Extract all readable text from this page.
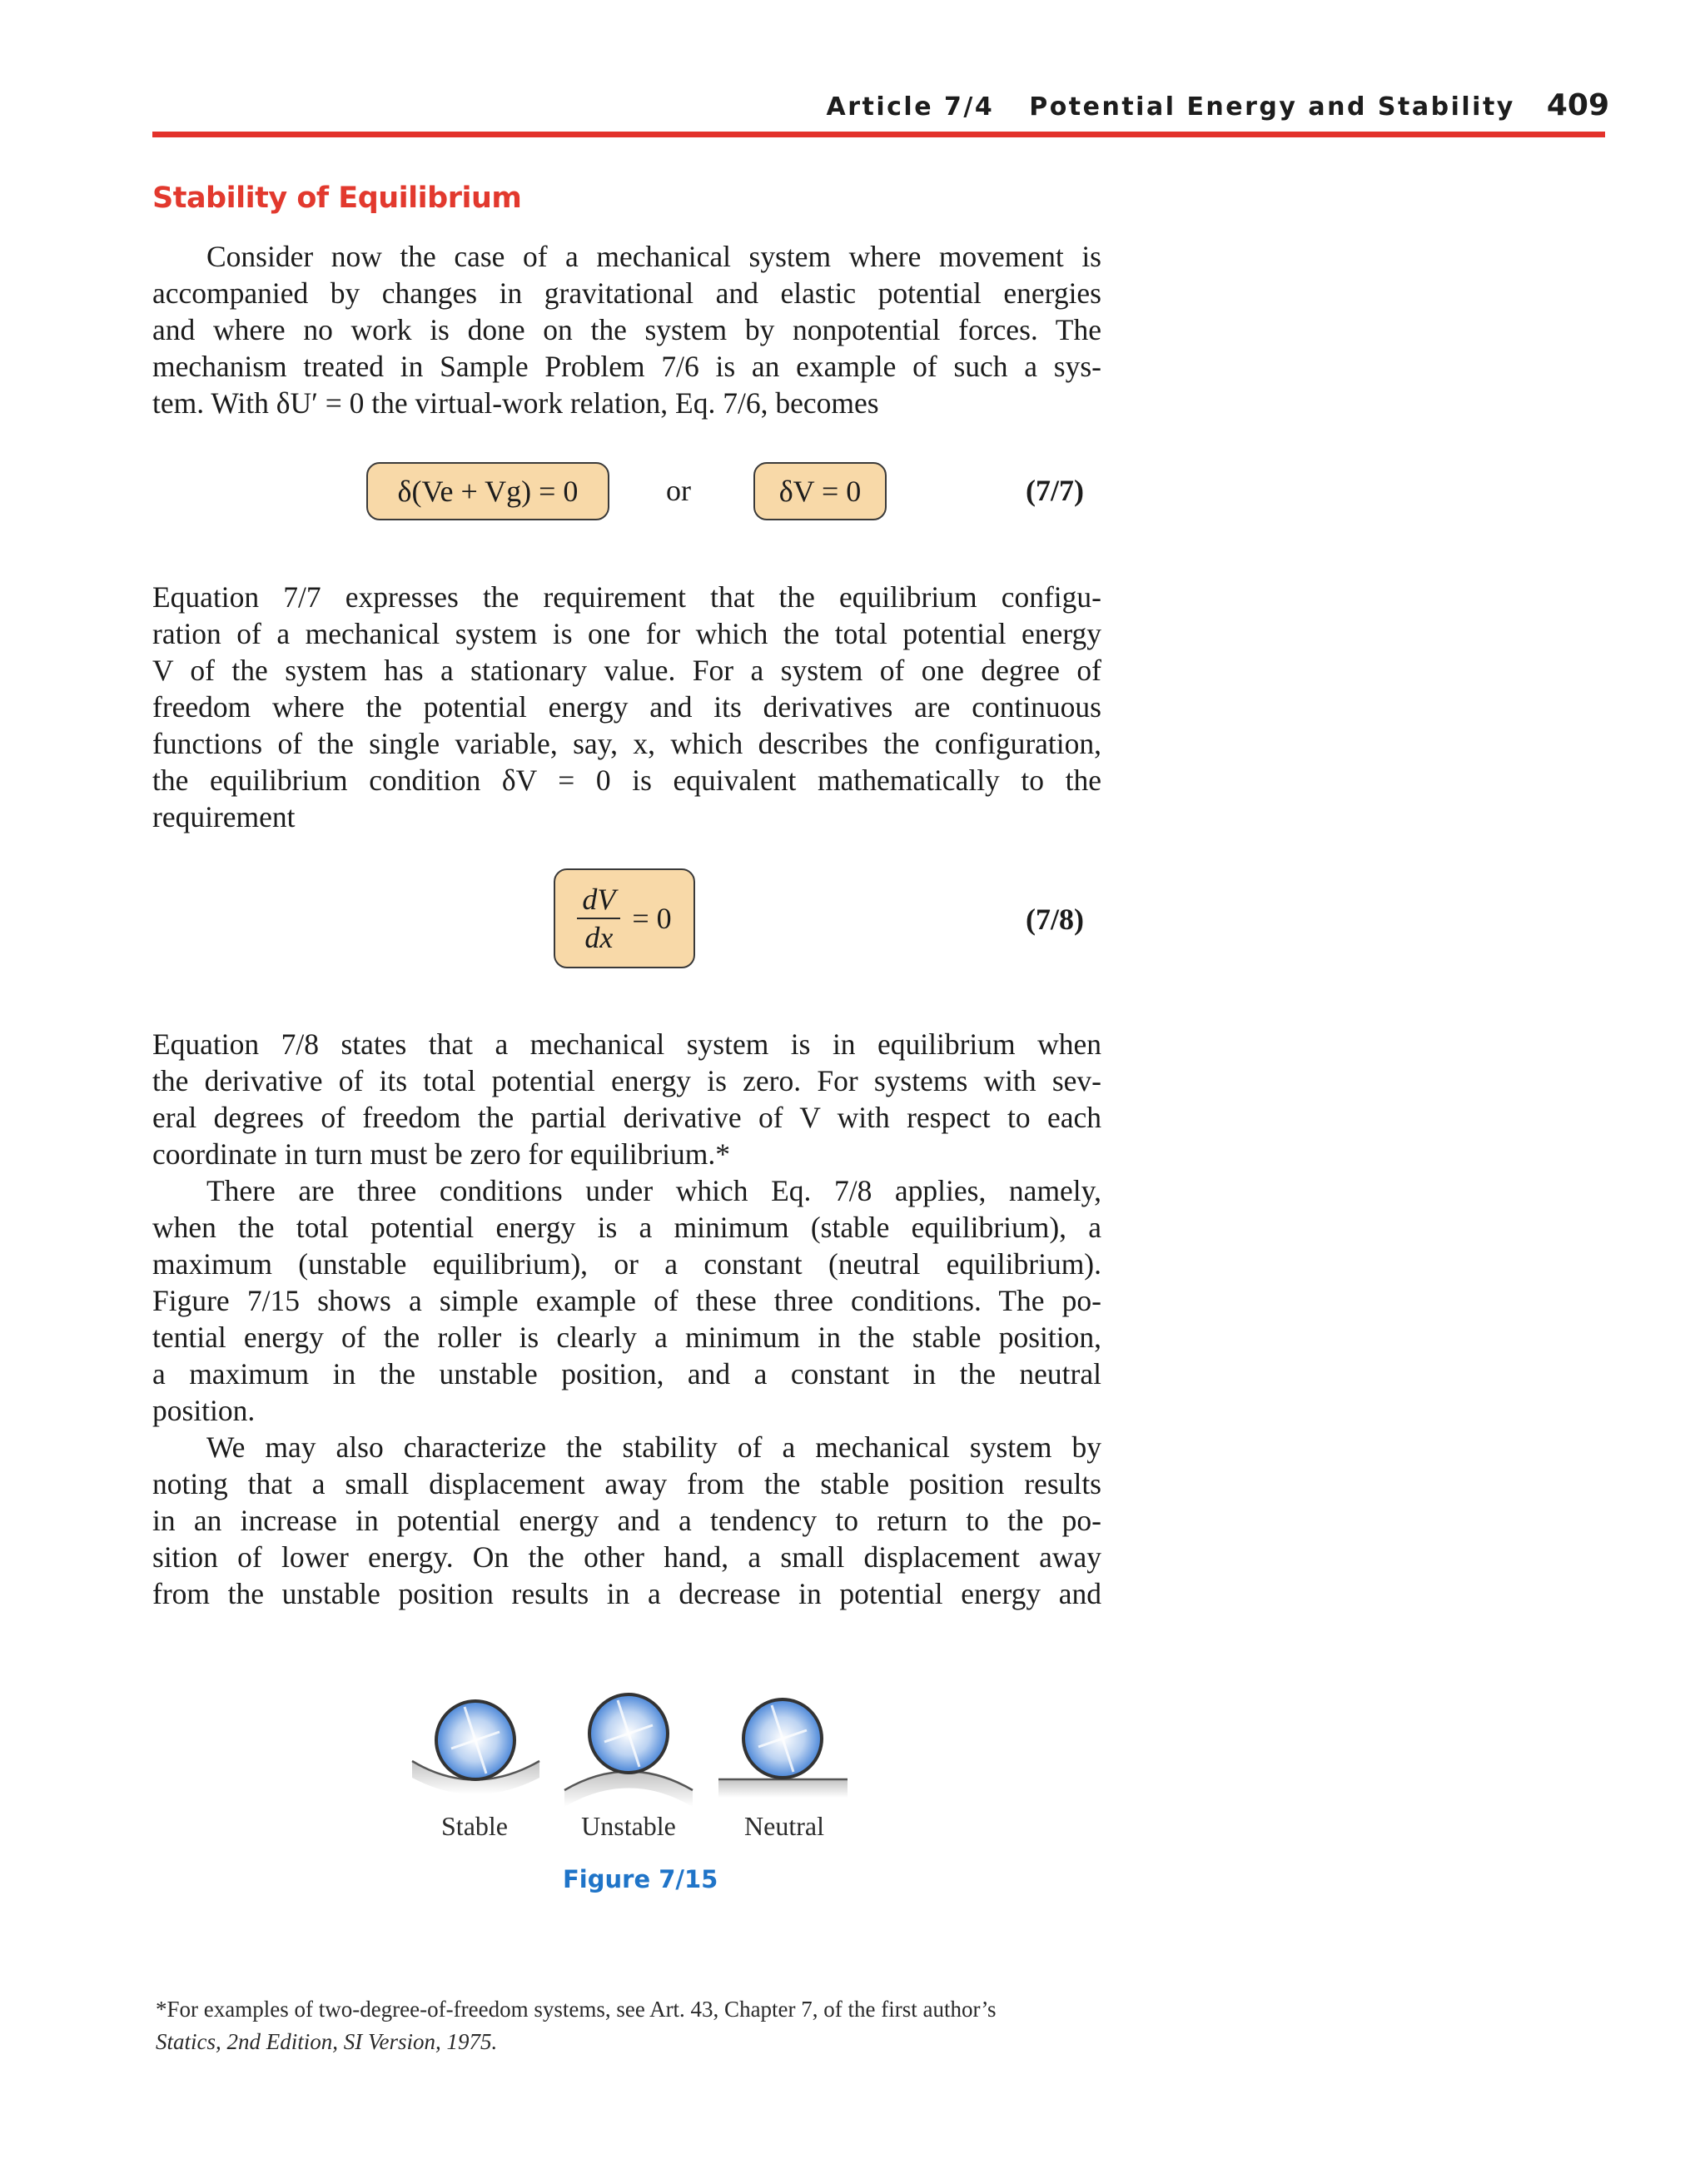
Article 7/4 Potential Energy and Stability 409
Stability of Equilibrium
Consider now the case of a mechanical system where movement is
accompanied by changes in gravitational and elastic potential energies
and where no work is done on the system by nonpotential forces. The
mechanism treated in Sample Problem 7/6 is an example of such a sys-
tem. With δU′ = 0 the virtual-work relation, Eq. 7/6, becomes
δ(Ve + Vg) = 0	or	δV = 0	(7/7)
Equation 7/7 expresses the requirement that the equilibrium configu-
ration of a mechanical system is one for which the total potential energy
V of the system has a stationary value. For a system of one degree of
freedom where the potential energy and its derivatives are continuous
functions of the single variable, say, x, which describes the configuration,
the equilibrium condition δV = 0 is equivalent mathematically to the
requirement
$\frac{dV}{dx} = 0$	(7/8)
Equation 7/8 states that a mechanical system is in equilibrium when
the derivative of its total potential energy is zero. For systems with sev-
eral degrees of freedom the partial derivative of V with respect to each
coordinate in turn must be zero for equilibrium.*
There are three conditions under which Eq. 7/8 applies, namely,
when the total potential energy is a minimum (stable equilibrium), a
maximum (unstable equilibrium), or a constant (neutral equilibrium).
Figure 7/15 shows a simple example of these three conditions. The po-
tential energy of the roller is clearly a minimum in the stable position,
a maximum in the unstable position, and a constant in the neutral
position.
We may also characterize the stability of a mechanical system by
noting that a small displacement away from the stable position results
in an increase in potential energy and a tendency to return to the po-
sition of lower energy. On the other hand, a small displacement away
from the unstable position results in a decrease in potential energy and
Stable	Unstable	Neutral
Figure 7/15
*For examples of two-degree-of-freedom systems, see Art. 43, Chapter 7, of the first author’s
Statics, 2nd Edition, SI Version, 1975.
